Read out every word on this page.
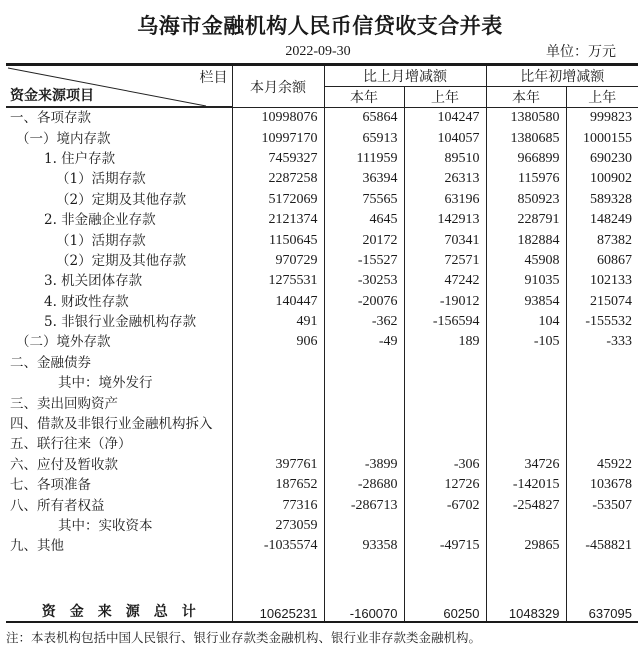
乌海市金融机构人民币信贷收支合并表
2022-09-30	单位：万元
栏目
资金来源项目	本月余额	比上月增减额		比年初增减额	
		本年	上年	本年	上年
一、各项存款	10998076	65864	104247	1380580	999823
（一）境内存款	10997170	65913	104057	1380685	1000155
1. 住户存款	7459327	111959	89510	966899	690230
（1）活期存款	2287258	36394	26313	115976	100902
（2）定期及其他存款	5172069	75565	63196	850923	589328
2. 非金融企业存款	2121374	4645	142913	228791	148249
（1）活期存款	1150645	20172	70341	182884	87382
（2）定期及其他存款	970729	-15527	72571	45908	60867
3. 机关团体存款	1275531	-30253	47242	91035	102133
4. 财政性存款	140447	-20076	-19012	93854	215074
5. 非银行业金融机构存款	491	-362	-156594	104	-155532
（二）境外存款	906	-49	189	-105	-333
二、金融债券					
其中：境外发行					
三、卖出回购资产					
四、借款及非银行业金融机构拆入					
五、联行往来（净）					
六、应付及暂收款	397761	-3899	-306	34726	45922
七、各项准备	187652	-28680	12726	-142015	103678
八、所有者权益	77316	-286713	-6702	-254827	-53507
其中：实收资本	273059				
九、其他	-1035574	93358	-49715	29865	-458821

资金来源总计	10625231	-160070	60250	1048329	637095
注：本表机构包括中国人民银行、银行业存款类金融机构、银行业非存款类金融机构。
